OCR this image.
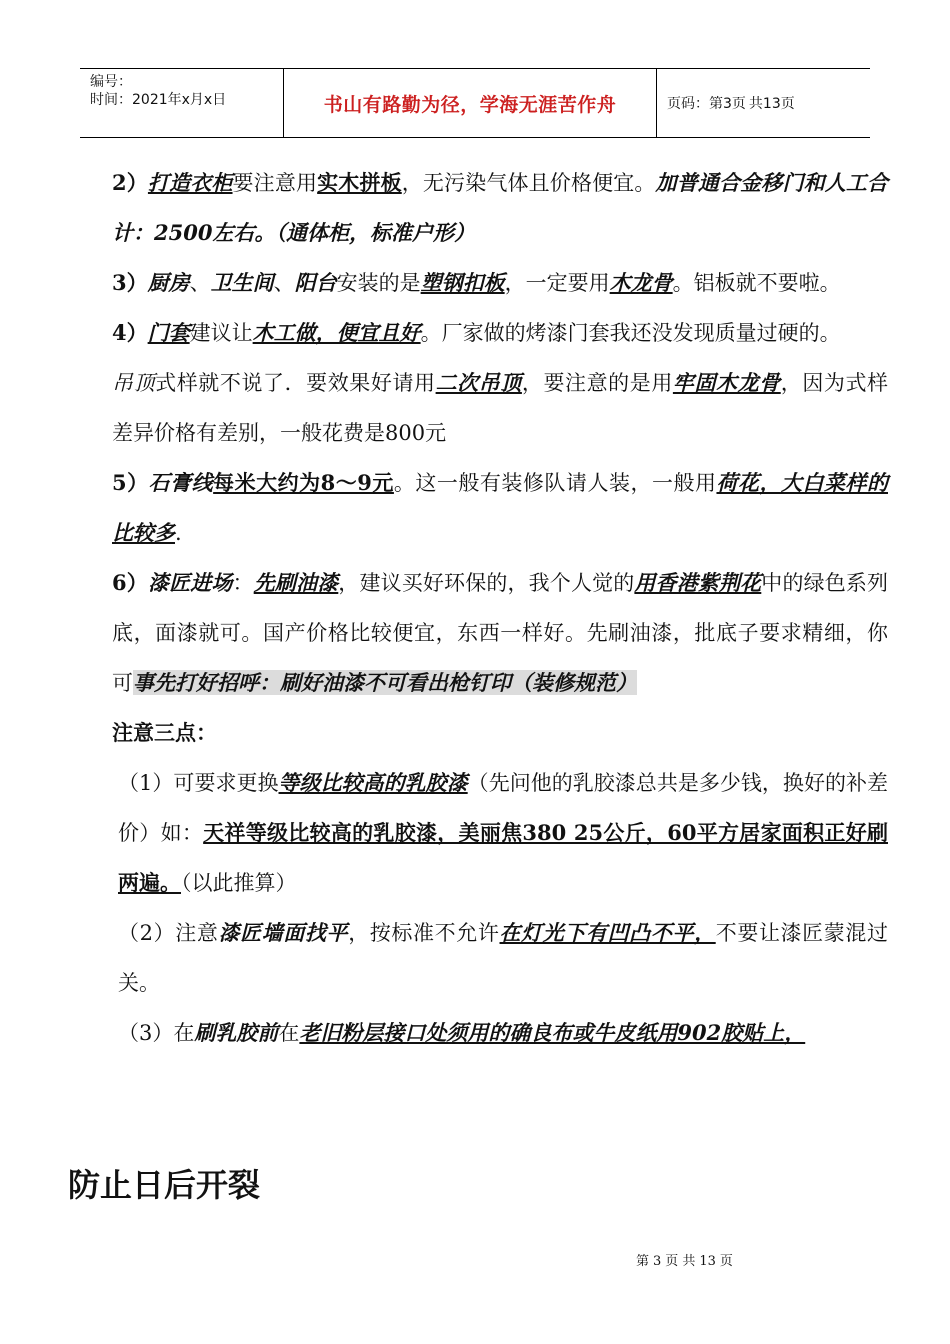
编号：
时间：2021年x月x日	书山有路勤为径，学海无涯苦作舟	页码：第3页 共13页

2）打造衣柜要注意用实木拼板，无污染气体且价格便宜。加普通合金移门和人工合计：2500左右。（通体柜，标准户形）

3）厨房、卫生间、阳台安装的是塑钢扣板，一定要用木龙骨。铝板就不要啦。

4）门套建议让木工做，便宜且好。厂家做的烤漆门套我还没发现质量过硬的。

吊顶式样就不说了．要效果好请用二次吊顶，要注意的是用牢固木龙骨，因为式样差异价格有差别，一般花费是800元

5）石膏线每米大约为8～9元。这一般有装修队请人装，一般用荷花，大白菜样的比较多.

6）漆匠进场：先刷油漆，建议买好环保的，我个人觉的用香港紫荆花中的绿色系列底，面漆就可。国产价格比较便宜，东西一样好。先刷油漆，批底子要求精细，你可事先打好招呼：刷好油漆不可看出枪钉印（装修规范）

注意三点：

（1）可要求更换等级比较高的乳胶漆（先问他的乳胶漆总共是多少钱，换好的补差价）如：天祥等级比较高的乳胶漆，美丽焦380 25公斤，60平方居家面积正好刷两遍。（以此推算）

（2）注意漆匠墙面找平，按标准不允许在灯光下有凹凸不平，不要让漆匠蒙混过关。

（3）在刷乳胶前在老旧粉层接口处须用的确良布或牛皮纸用902胶贴上，

防止日后开裂
第 3 页 共 13 页
